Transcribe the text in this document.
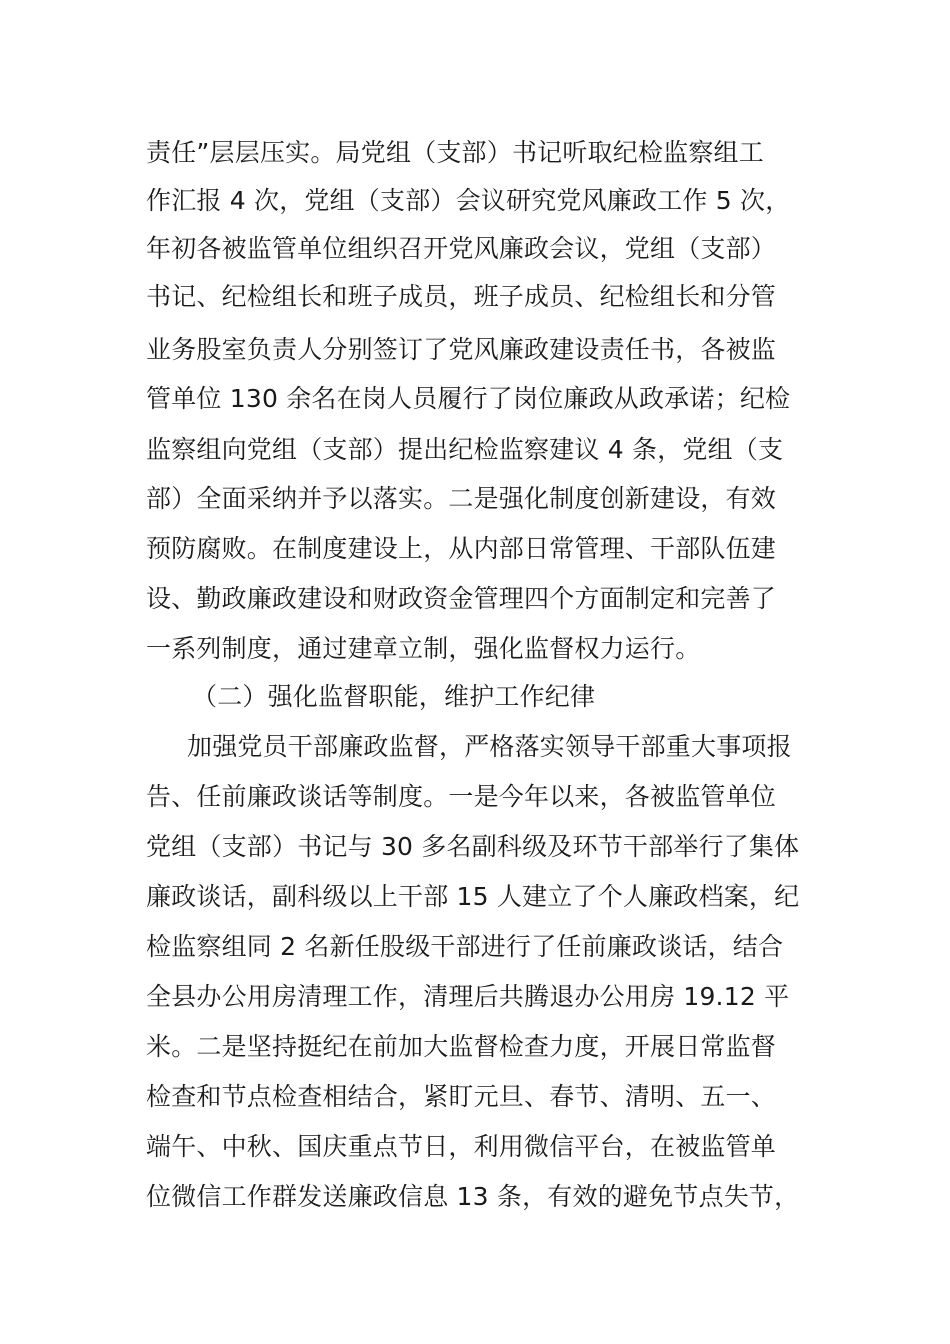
责任”层层压实。局党组（支部）书记听取纪检监察组工
作汇报 4 次，党组（支部）会议研究党风廉政工作 5 次，
年初各被监管单位组织召开党风廉政会议，党组（支部）
书记、纪检组长和班子成员，班子成员、纪检组长和分管
业务股室负责人分别签订了党风廉政建设责任书，各被监
管单位 130 余名在岗人员履行了岗位廉政从政承诺；纪检
监察组向党组（支部）提出纪检监察建议 4 条，党组（支
部）全面采纳并予以落实。二是强化制度创新建设，有效
预防腐败。在制度建设上，从内部日常管理、干部队伍建
设、勤政廉政建设和财政资金管理四个方面制定和完善了
一系列制度，通过建章立制，强化监督权力运行。
（二）强化监督职能，维护工作纪律
加强党员干部廉政监督，严格落实领导干部重大事项报
告、任前廉政谈话等制度。一是今年以来，各被监管单位
党组（支部）书记与 30 多名副科级及环节干部举行了集体
廉政谈话，副科级以上干部 15 人建立了个人廉政档案，纪
检监察组同 2 名新任股级干部进行了任前廉政谈话，结合
全县办公用房清理工作，清理后共腾退办公用房 19.12 平
米。二是坚持挺纪在前加大监督检查力度，开展日常监督
检查和节点检查相结合，紧盯元旦、春节、清明、五一、
端午、中秋、国庆重点节日，利用微信平台，在被监管单
位微信工作群发送廉政信息 13 条，有效的避免节点失节，
